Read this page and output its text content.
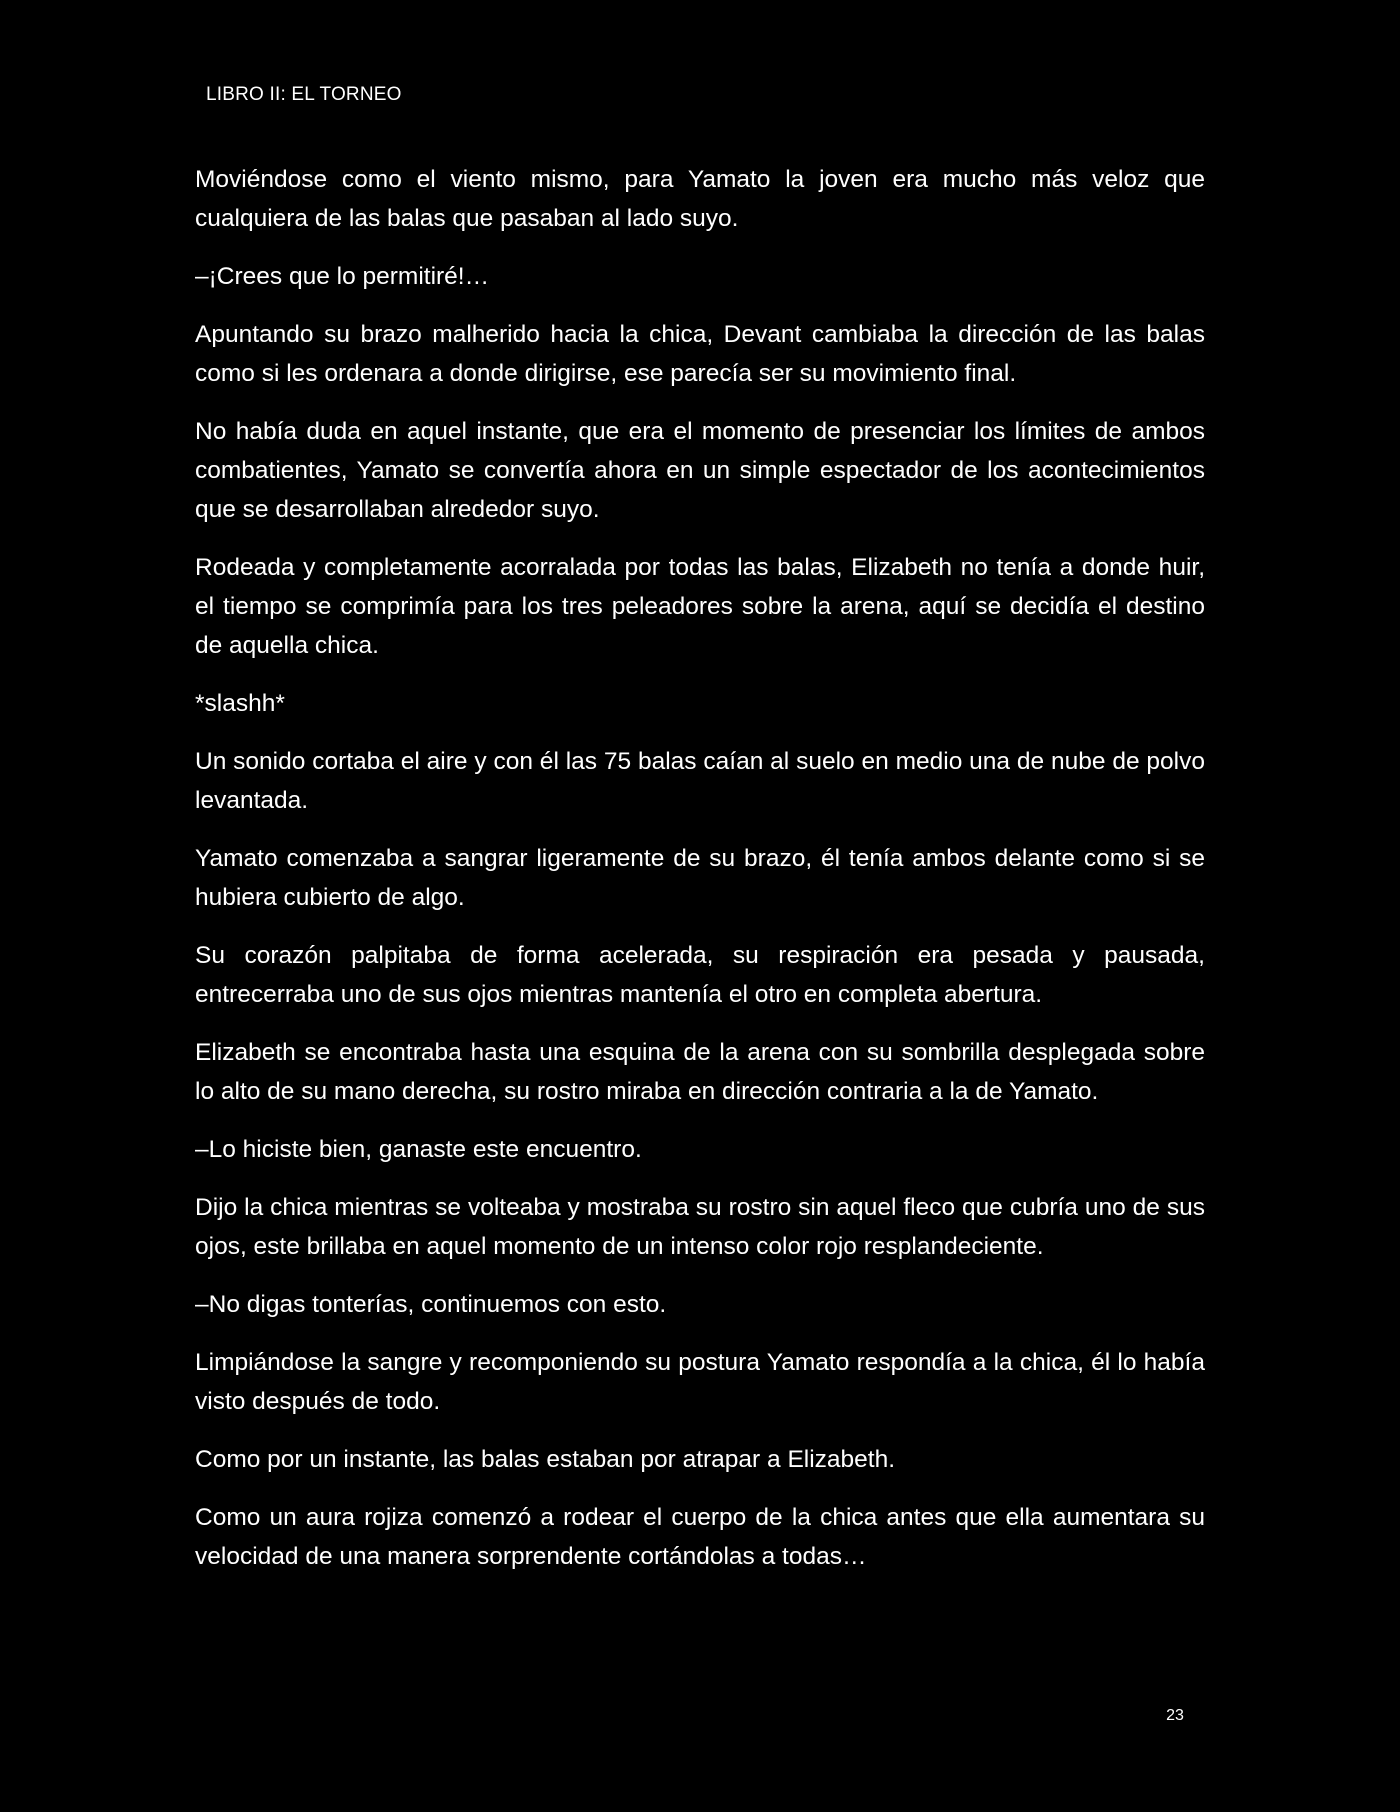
LIBRO II: EL TORNEO

Moviéndose como el viento mismo, para Yamato la joven era mucho más veloz que cualquiera de las balas que pasaban al lado suyo.

–¡Crees que lo permitiré!…

Apuntando su brazo malherido hacia la chica, Devant cambiaba la dirección de las balas como si les ordenara a donde dirigirse, ese parecía ser su movimiento final.

No había duda en aquel instante, que era el momento de presenciar los límites de ambos combatientes, Yamato se convertía ahora en un simple espectador de los acontecimientos que se desarrollaban alrededor suyo.

Rodeada y completamente acorralada por todas las balas, Elizabeth no tenía a donde huir, el tiempo se comprimía para los tres peleadores sobre la arena, aquí se decidía el destino de aquella chica.

*slashh*

Un sonido cortaba el aire y con él las 75 balas caían al suelo en medio una de nube de polvo levantada.

Yamato comenzaba a sangrar ligeramente de su brazo, él tenía ambos delante como si se hubiera cubierto de algo.

Su corazón palpitaba de forma acelerada, su respiración era pesada y pausada, entrecerraba uno de sus ojos mientras mantenía el otro en completa abertura.

Elizabeth se encontraba hasta una esquina de la arena con su sombrilla desplegada sobre lo alto de su mano derecha, su rostro miraba en dirección contraria a la de Yamato.

–Lo hiciste bien, ganaste este encuentro.

Dijo la chica mientras se volteaba y mostraba su rostro sin aquel fleco que cubría uno de sus ojos, este brillaba en aquel momento de un intenso color rojo resplandeciente.

–No digas tonterías, continuemos con esto.

Limpiándose la sangre y recomponiendo su postura Yamato respondía a la chica, él lo había visto después de todo.

Como por un instante, las balas estaban por atrapar a Elizabeth.

Como un aura rojiza comenzó a rodear el cuerpo de la chica antes que ella aumentara su velocidad de una manera sorprendente cortándolas a todas…

23
